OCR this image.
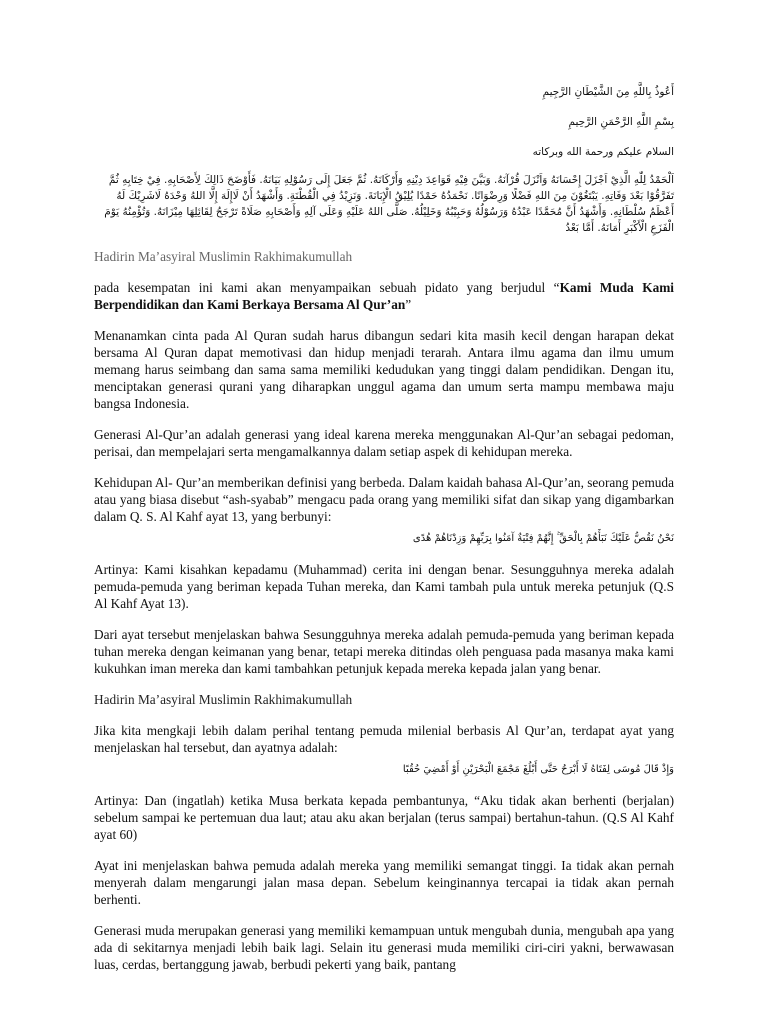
أَعُوذُ بِاللَّهِ مِنَ الشَّيْطَانِ الرَّجِيمِ
بِسْمِ اللَّهِ الرَّحْمَنِ الرَّحِيمِ
السلام عليكم ورحمة الله وبركاته
اَلْحَمْدُ لِلّٰهِ الَّذِيْ اَجْزَلَ إِحْسَانَهُ وَاَنْزَلَ قُرْآنَهُ. وَبَيَّنَ فِيْهِ قَوَاعِدَ دِيْنِهِ وَأَرْكَانَهُ. ثُمَّ جَعَلَ إِلَى رَسُوْلِهِ بَيَانَهُ. فَأَوْضَحَ ذَالِكَ لِأَصْحَابِهِ. فِيْ خِتَابِهِ ثُمَّ تَفَرَّقُوْا بَعْدَ وَفَاتِهِ. يَبْتَغُوْنَ مِنَ اللهِ فَضْلًا وَرِضْوَانًا. نَحْمَدُهُ حَمْدًا يُلِيْقُ الْإِبَانَةَ. وَنَزِيْدُ فِي الْقُطْنَةِ. وَأَشْهَدُ أَنْ لَاإِلَهَ إِلَّا اللهُ وَحْدَهُ لَاشَرِيْكَ لَهُ أَعْظَمُ سُلْطَانِهِ. وَأَشْهَدُ أَنَّ مُحَمَّدًا عَبْدُهُ وَرَسُوْلُهُ وَحَبِيْبُهُ وَخَلِيْلُهُ. صَلَّى اللهُ عَلَيْهِ وَعَلَى آلِهِ وَأَصْحَابِهِ صَلَاةً تَرْجَحُ لِقَائِلِهَا مِيْزَانَهُ. وَتُؤْمِنُهُ يَوْمَ الْفَزَعِ الْأَكْبَرِ أَمَانَهُ. أَمَّا بَعْدُ
Hadirin Ma’asyiral Muslimin Rakhimakumullah

pada kesempatan ini kami akan menyampaikan sebuah pidato yang berjudul “Kami Muda Kami Berpendidikan dan Kami Berkaya Bersama Al Qur’an”

Menanamkan cinta pada Al Quran sudah harus dibangun sedari kita masih kecil dengan harapan dekat bersama Al Quran dapat memotivasi dan hidup menjadi terarah. Antara ilmu agama dan ilmu umum memang harus seimbang dan sama sama memiliki kedudukan yang tinggi dalam pendidikan. Dengan itu, menciptakan generasi qurani yang diharapkan unggul agama dan umum serta mampu membawa maju bangsa Indonesia.

Generasi Al-Qur’an adalah generasi yang ideal karena mereka menggunakan Al-Qur’an sebagai pedoman, perisai, dan mempelajari serta mengamalkannya dalam setiap aspek di kehidupan mereka.

Kehidupan Al- Qur’an memberikan definisi yang berbeda. Dalam kaidah bahasa Al-Qur’an, seorang pemuda atau yang biasa disebut “ash-syabab” mengacu pada orang yang memiliki sifat dan sikap yang digambarkan dalam Q. S. Al Kahf ayat 13, yang berbunyi:

نَحْنُ نَقُصُّ عَلَيْكَ نَبَأَهُمْ بِالْحَقِّ ۚ إِنَّهُمْ فِتْيَةٌ آمَنُوا بِرَبِّهِمْ وَزِدْنَاهُمْ هُدًى

Artinya: Kami kisahkan kepadamu (Muhammad) cerita ini dengan benar. Sesungguhnya mereka adalah pemuda-pemuda yang beriman kepada Tuhan mereka, dan Kami tambah pula untuk mereka petunjuk (Q.S Al Kahf Ayat 13).

Dari ayat tersebut menjelaskan bahwa Sesungguhnya mereka adalah pemuda-pemuda yang beriman kepada tuhan mereka dengan keimanan yang benar, tetapi mereka ditindas oleh penguasa pada masanya maka kami kukuhkan iman mereka dan kami tambahkan petunjuk kepada mereka kepada jalan yang benar.

Hadirin Ma’asyiral Muslimin Rakhimakumullah

Jika kita mengkaji lebih dalam perihal tentang pemuda milenial berbasis Al Qur’an, terdapat ayat yang menjelaskan hal tersebut, dan ayatnya adalah:

وَإِذْ قَالَ مُوسَى لِفَتَاهُ لَا أَبْرَحُ حَتَّى أَبْلُغَ مَجْمَعَ الْبَحْرَيْنِ أَوْ أَمْضِيَ حُقُبًا

Artinya: Dan (ingatlah) ketika Musa berkata kepada pembantunya, “Aku tidak akan berhenti (berjalan) sebelum sampai ke pertemuan dua laut; atau aku akan berjalan (terus sampai) bertahun-tahun. (Q.S Al Kahf ayat 60)

Ayat ini menjelaskan bahwa pemuda adalah mereka yang memiliki semangat tinggi. Ia tidak akan pernah menyerah dalam mengarungi jalan masa depan. Sebelum keinginannya tercapai ia tidak akan pernah berhenti.

Generasi muda merupakan generasi yang memiliki kemampuan untuk mengubah dunia, mengubah apa yang ada di sekitarnya menjadi lebih baik lagi. Selain itu generasi muda memiliki ciri-ciri yakni, berwawasan luas, cerdas, bertanggung jawab, berbudi pekerti yang baik, pantang
